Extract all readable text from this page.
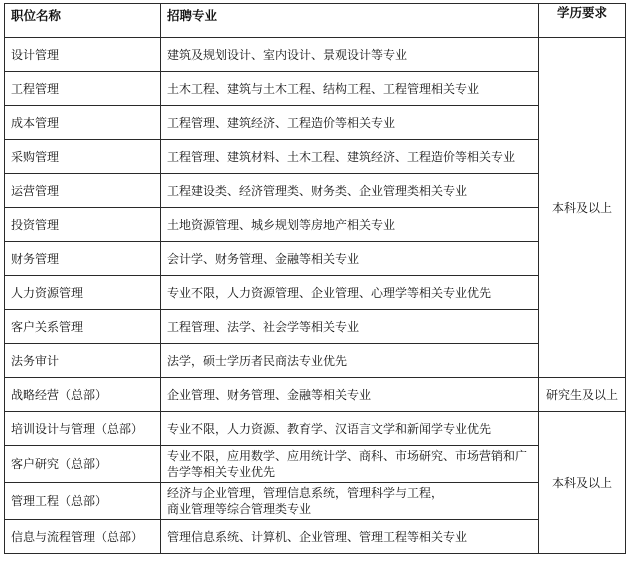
职位名称	招聘专业	学历要求
设计管理	建筑及规划设计、室内设计、景观设计等专业	本科及以上
工程管理	土木工程、建筑与土木工程、结构工程、工程管理相关专业	
成本管理	工程管理、建筑经济、工程造价等相关专业	
采购管理	工程管理、建筑材料、土木工程、建筑经济、工程造价等相关专业	
运营管理	工程建设类、经济管理类、财务类、企业管理类相关专业	
投资管理	土地资源管理、城乡规划等房地产相关专业	
财务管理	会计学、财务管理、金融等相关专业	
人力资源管理	专业不限，人力资源管理、企业管理、心理学等相关专业优先	
客户关系管理	工程管理、法学、社会学等相关专业	
法务审计	法学，硕士学历者民商法专业优先	
战略经营（总部）	企业管理、财务管理、金融等相关专业	研究生及以上
培训设计与管理（总部）	专业不限，人力资源、教育学、汉语言文学和新闻学专业优先	本科及以上
客户研究（总部）	专业不限，应用数学、应用统计学、商科、市场研究、市场营销和广告学等相关专业优先	
管理工程（总部）	经济与企业管理，管理信息系统，管理科学与工程，
商业管理等综合管理类专业	

信息与流程管理（总部）	管理信息系统、计算机、企业管理、管理工程等相关专业	
